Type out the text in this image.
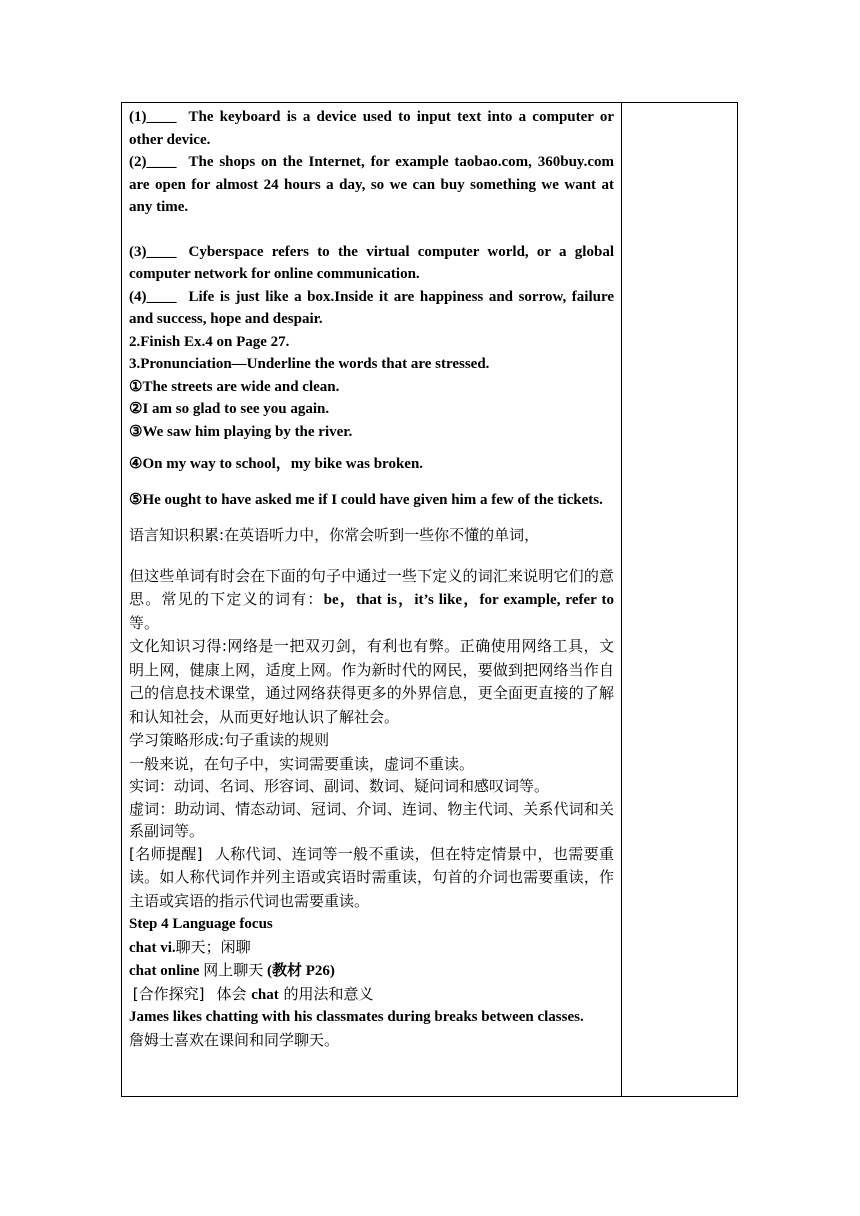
(1)____ The keyboard is a device used to input text into a computer or other device.

(2)____ The shops on the Internet, for example taobao.com, 360buy.com are open for almost 24 hours a day, so we can buy something we want at any time.

(3)____ Cyberspace refers to the virtual computer world, or a global computer network for online communication.

(4)____ Life is just like a box.Inside it are happiness and sorrow, failure and success, hope and despair.

2.Finish Ex.4 on Page 27.

3.Pronunciation—Underline the words that are stressed.

①The streets are wide and clean.

②I am so glad to see you again.

③We saw him playing by the river.

④On my way to school，my bike was broken.

⑤He ought to have asked me if I could have given him a few of the tickets.

语言知识积累:在英语听力中，你常会听到一些你不懂的单词，

但这些单词有时会在下面的句子中通过一些下定义的词汇来说明它们的意思。常见的下定义的词有：be，that is，it’s like，for example, refer to 等。

文化知识习得:网络是一把双刃剑，有利也有弊。正确使用网络工具，文明上网，健康上网，适度上网。作为新时代的网民，要做到把网络当作自己的信息技术课堂，通过网络获得更多的外界信息，更全面更直接的了解和认知社会，从而更好地认识了解社会。

学习策略形成:句子重读的规则

一般来说，在句子中，实词需要重读，虚词不重读。

实词：动词、名词、形容词、副词、数词、疑问词和感叹词等。

虚词：助动词、情态动词、冠词、介词、连词、物主代词、关系代词和关系副词等。

[名师提醒] 人称代词、连词等一般不重读，但在特定情景中，也需要重读。如人称代词作并列主语或宾语时需重读，句首的介词也需要重读，作主语或宾语的指示代词也需要重读。

Step 4 Language focus

chat vi.聊天；闲聊

chat online 网上聊天 (教材 P26)

[合作探究] 体会 chat 的用法和意义

James likes chatting with his classmates during breaks between classes.

詹姆士喜欢在课间和同学聊天。
